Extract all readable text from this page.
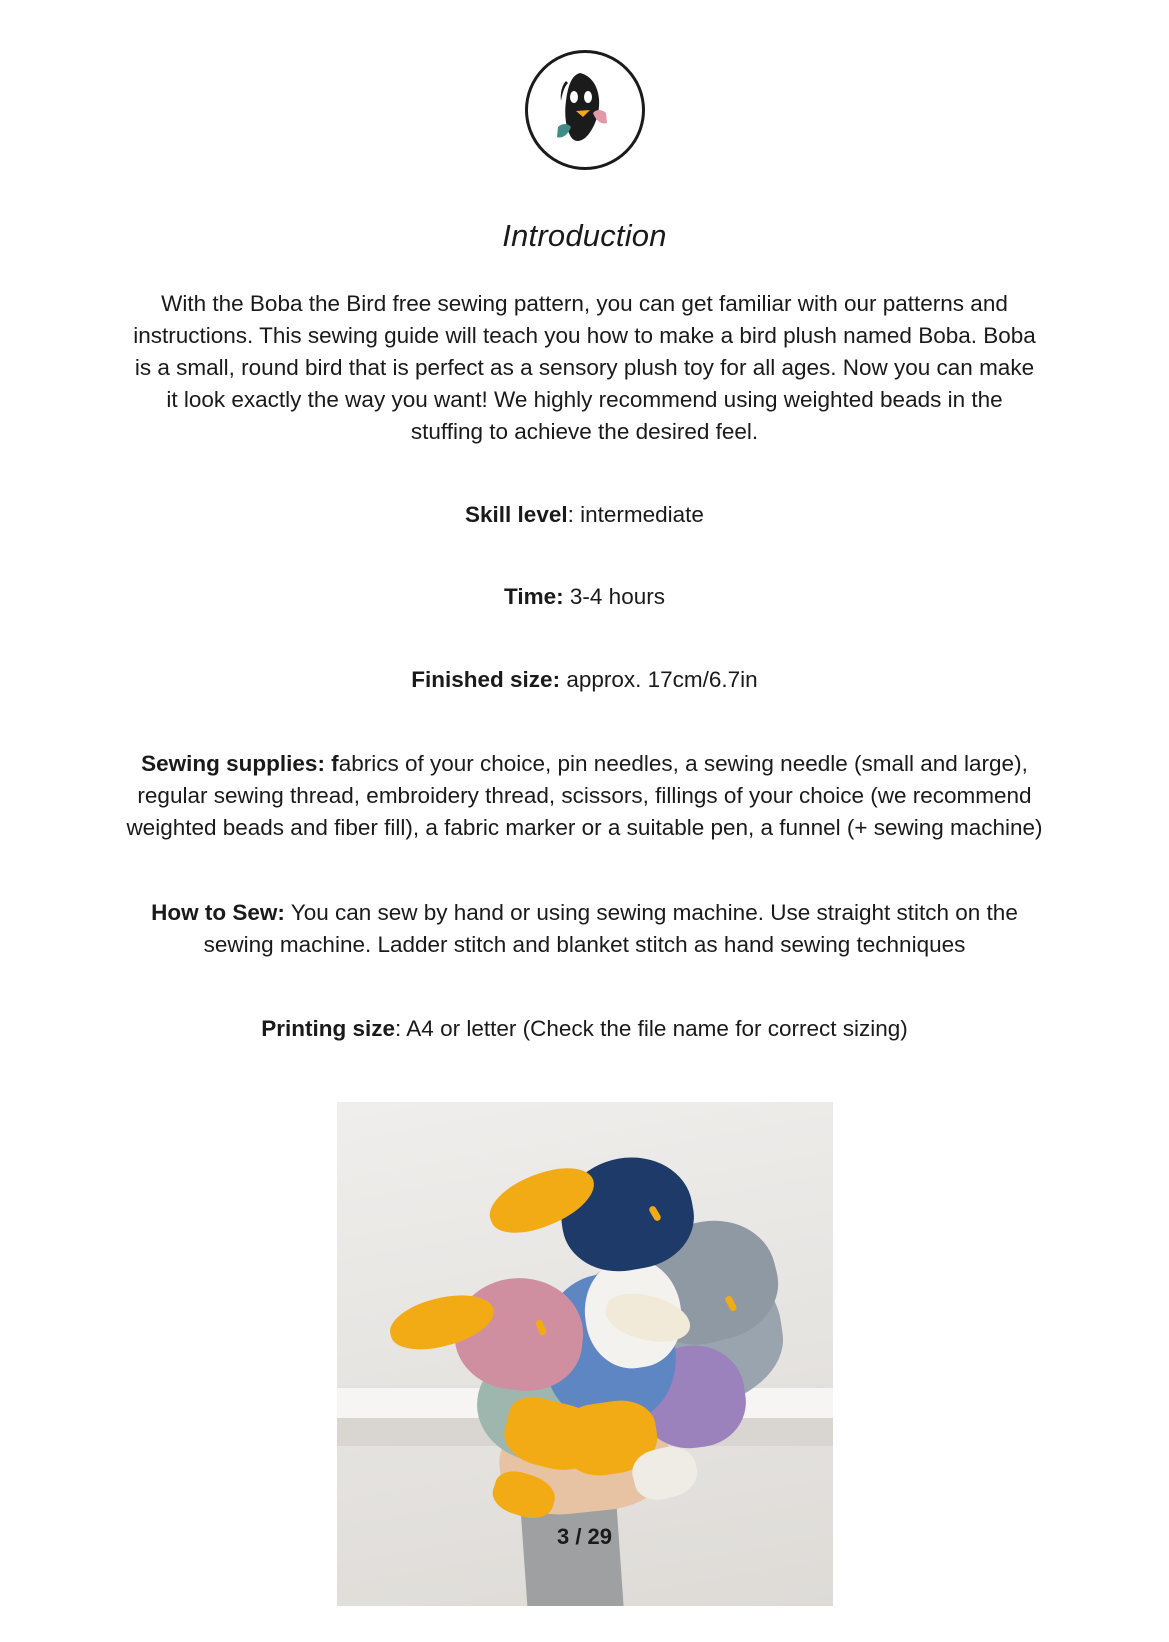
Introduction

With the Boba the Bird free sewing pattern, you can get familiar with our patterns and instructions. This sewing guide will teach you how to make a bird plush named Boba. Boba is a small, round bird that is perfect as a sensory plush toy for all ages. Now you can make it look exactly the way you want! We highly recommend using weighted beads in the stuffing to achieve the desired feel.

Skill level: intermediate

Time: 3-4 hours

Finished size: approx. 17cm/6.7in

Sewing supplies: fabrics of your choice, pin needles, a sewing needle (small and large), regular sewing thread, embroidery thread, scissors, fillings of your choice (we recommend weighted beads and fiber fill), a fabric marker or a suitable pen, a funnel (+ sewing machine)

How to Sew: You can sew by hand or using sewing machine. Use straight stitch on the sewing machine. Ladder stitch and blanket stitch as hand sewing techniques

Printing size: A4 or letter (Check the file name for correct sizing)

3 / 29
